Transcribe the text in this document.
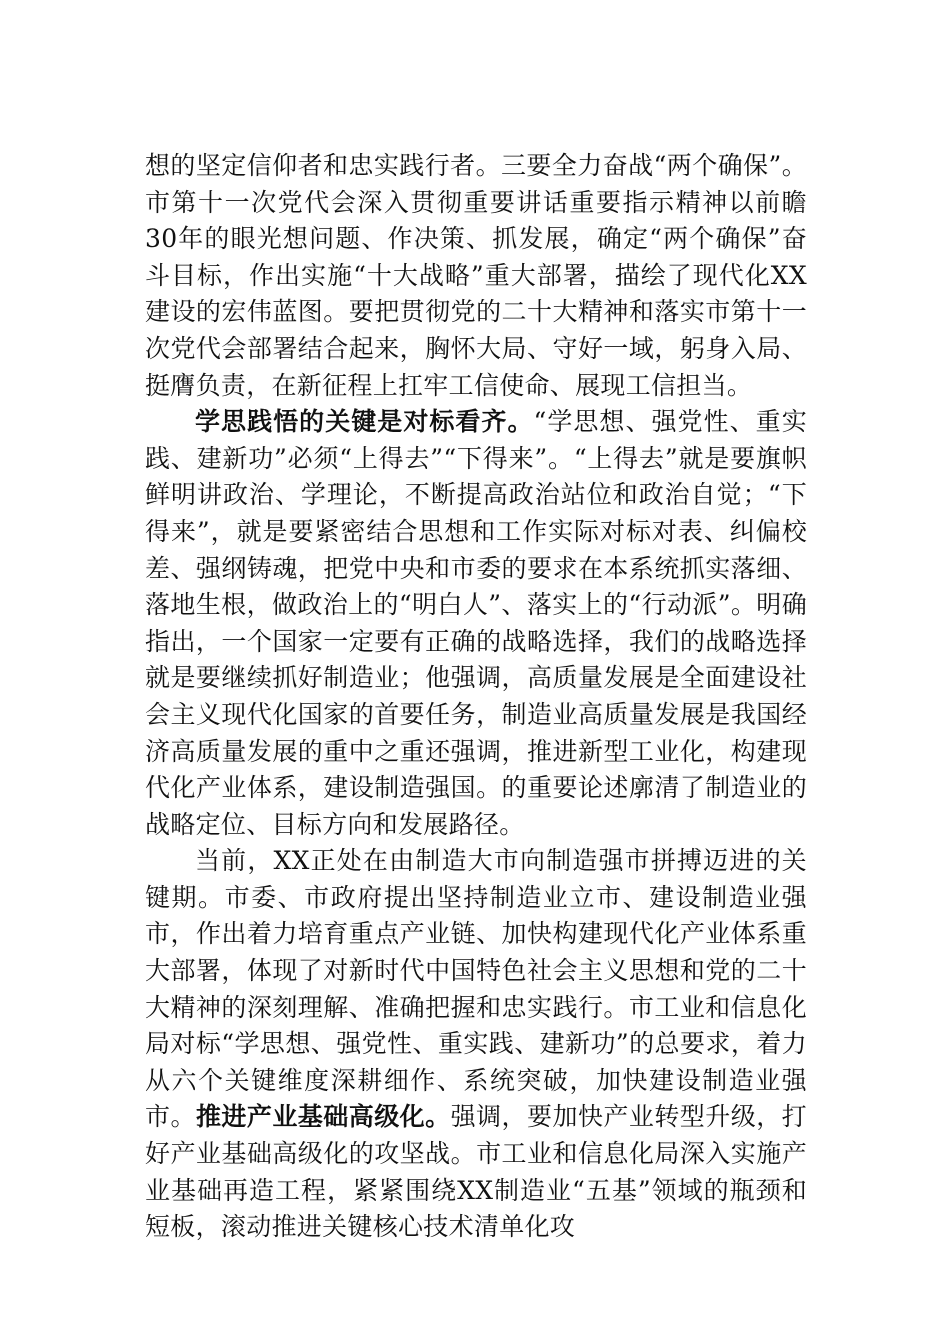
想的坚定信仰者和忠实践行者。三要全力奋战“两个确保”。市第十一次党代会深入贯彻重要讲话重要指示精神以前瞻30年的眼光想问题、作决策、抓发展，确定“两个确保”奋斗目标，作出实施“十大战略”重大部署，描绘了现代化XX建设的宏伟蓝图。要把贯彻党的二十大精神和落实市第十一次党代会部署结合起来，胸怀大局、守好一域，躬身入局、挺膺负责，在新征程上扛牢工信使命、展现工信担当。

学思践悟的关键是对标看齐。“学思想、强党性、重实践、建新功”必须“上得去”“下得来”。“上得去”就是要旗帜鲜明讲政治、学理论，不断提高政治站位和政治自觉；“下得来”，就是要紧密结合思想和工作实际对标对表、纠偏校差、强纲铸魂，把党中央和市委的要求在本系统抓实落细、落地生根，做政治上的“明白人”、落实上的“行动派”。明确指出，一个国家一定要有正确的战略选择，我们的战略选择就是要继续抓好制造业；他强调，高质量发展是全面建设社会主义现代化国家的首要任务，制造业高质量发展是我国经济高质量发展的重中之重还强调，推进新型工业化，构建现代化产业体系，建设制造强国。的重要论述廓清了制造业的战略定位、目标方向和发展路径。

当前，XX正处在由制造大市向制造强市拼搏迈进的关键期。市委、市政府提出坚持制造业立市、建设制造业强市，作出着力培育重点产业链、加快构建现代化产业体系重大部署，体现了对新时代中国特色社会主义思想和党的二十大精神的深刻理解、准确把握和忠实践行。市工业和信息化局对标“学思想、强党性、重实践、建新功”的总要求，着力从六个关键维度深耕细作、系统突破，加快建设制造业强市。推进产业基础高级化。强调，要加快产业转型升级，打好产业基础高级化的攻坚战。市工业和信息化局深入实施产业基础再造工程，紧紧围绕XX制造业“五基”领域的瓶颈和短板，滚动推进关键核心技术清单化攻
